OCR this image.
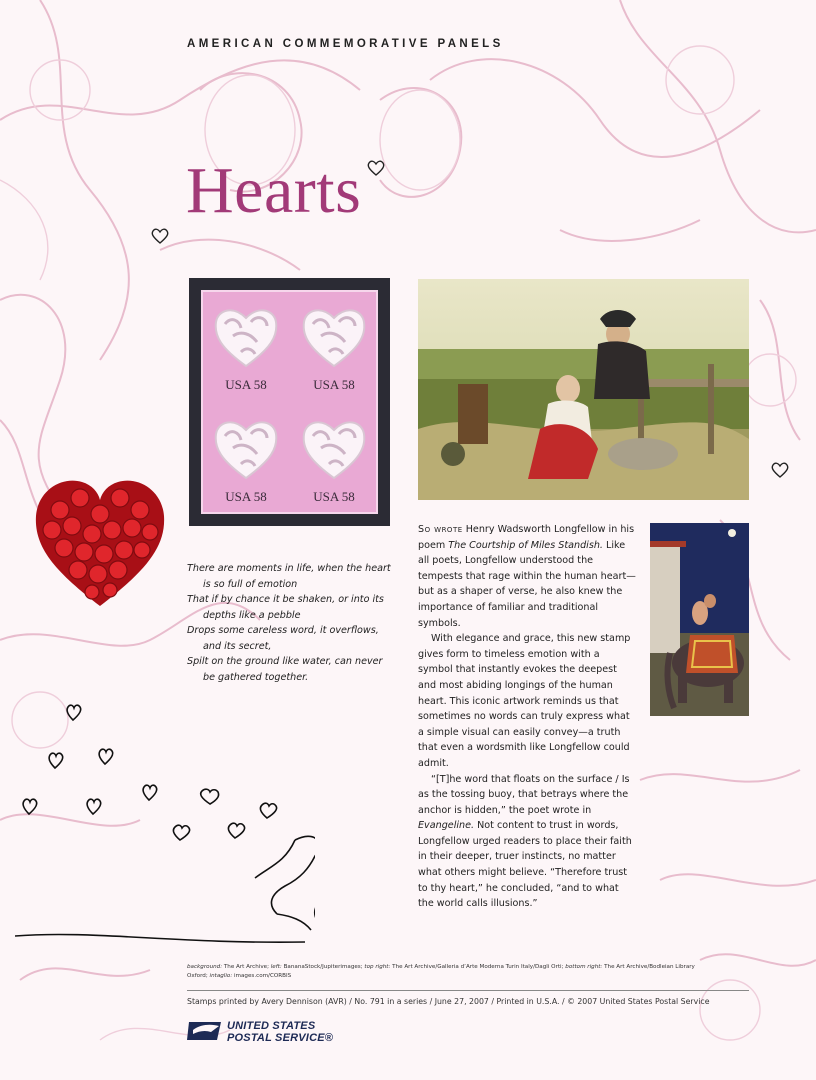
AMERICAN COMMEMORATIVE PANELS
Hearts
USA 58	USA 58
USA 58	USA 58
There are moments in life, when the heart
is so full of emotion
That if by chance it be shaken, or into its
depths like a pebble
Drops some careless word, it overflows,
and its secret,
Spilt on the ground like water, can never
be gathered together.

So wrote Henry Wadsworth Longfellow in his poem The Courtship of Miles Standish. Like all poets, Longfellow understood the tempests that rage within the human heart—but as a shaper of verse, he also knew the importance of familiar and traditional symbols.

With elegance and grace, this new stamp gives form to timeless emotion with a symbol that instantly evokes the deepest and most abiding longings of the human heart. This iconic artwork reminds us that sometimes no words can truly express what a simple visual can easily convey—a truth that even a wordsmith like Longfellow could admit.

“[T]he word that floats on the surface / Is as the tossing buoy, that betrays where the anchor is hidden,” the poet wrote in Evangeline. Not content to trust in words, Longfellow urged readers to place their faith in their deeper, truer instincts, no matter what others might believe. “Therefore trust to thy heart,” he concluded, “and to what the world calls illusions.”

background: The Art Archive; left: BananaStock/Jupiterimages; top right: The Art Archive/Galleria d’Arte Moderna Turin Italy/Dagli Orti; bottom right: The Art Archive/Bodleian Library Oxford; intaglio: images.com/CORBIS
Stamps printed by Avery Dennison (AVR) / No. 791 in a series / June 27, 2007 / Printed in U.S.A. / © 2007 United States Postal Service
UNITED STATES
POSTAL SERVICE®
